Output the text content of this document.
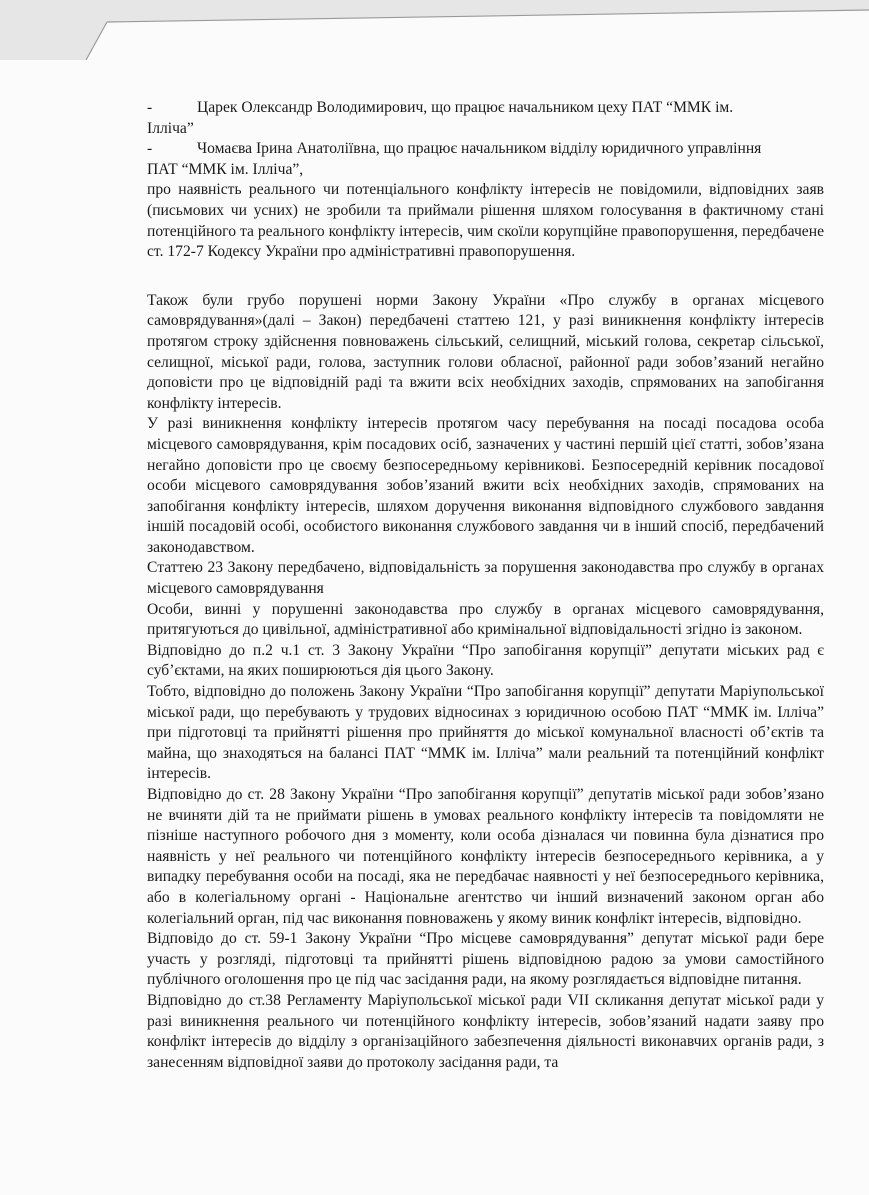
-	Царек Олександр Володимирович, що працює начальником цеху ПАТ “ММК ім.

Ілліча”

-	Чомаєва Ірина Анатоліївна, що працює начальником відділу юридичного управління

ПАТ “ММК ім. Ілліча”,

про наявність реального чи потенціального конфлікту інтересів не повідомили, відповідних заяв (письмових чи усних) не зробили та приймали рішення шляхом голосування в фактичному стані потенційного та реального конфлікту інтересів, чим скоїли корупційне правопорушення, передбачене ст. 172-7 Кодексу України про адміністративні правопорушення.

Також були грубо порушені норми Закону України «Про службу в органах місцевого самоврядування»(далі – Закон) передбачені статтею 121, у разі виникнення конфлікту інтересів протягом строку здійснення повноважень сільський, селищний, міський голова, секретар сільської, селищної, міської ради, голова, заступник голови обласної, районної ради зобов’язаний негайно доповісти про це відповідній раді та вжити всіх необхідних заходів, спрямованих на запобігання конфлікту інтересів.

У разі виникнення конфлікту інтересів протягом часу перебування на посаді посадова особа місцевого самоврядування, крім посадових осіб, зазначених у частині першій цієї статті, зобов’язана негайно доповісти про це своєму безпосередньому керівникові. Безпосередній керівник посадової особи місцевого самоврядування зобов’язаний вжити всіх необхідних заходів, спрямованих на запобігання конфлікту інтересів, шляхом доручення виконання відповідного службового завдання іншій посадовій особі, особистого виконання службового завдання чи в інший спосіб, передбачений законодавством.

Статтею 23 Закону передбачено, відповідальність за порушення законодавства про службу в органах місцевого самоврядування

Особи, винні у порушенні законодавства про службу в органах місцевого самоврядування, притягуються до цивільної, адміністративної або кримінальної відповідальності згідно із законом.

Відповідно до п.2 ч.1 ст. 3 Закону України “Про запобігання корупції” депутати міських рад є суб’єктами, на яких поширюються дія цього Закону.

Тобто, відповідно до положень Закону України “Про запобігання корупції” депутати Маріупольської міської ради, що перебувають у трудових відносинах з юридичною особою ПАТ “ММК ім. Ілліча” при підготовці та прийнятті рішення про прийняття до міської комунальної власності об’єктів та майна, що знаходяться на балансі ПАТ “ММК ім. Ілліча” мали реальний та потенційний конфлікт інтересів.

Відповідно до ст. 28 Закону України “Про запобігання корупції” депутатів міської ради зобов’язано не вчиняти дій та не приймати рішень в умовах реального конфлікту інтересів та повідомляти не пізніше наступного робочого дня з моменту, коли особа дізналася чи повинна була дізнатися про наявність у неї реального чи потенційного конфлікту інтересів безпосереднього керівника, а у випадку перебування особи на посаді, яка не передбачає наявності у неї безпосереднього керівника, або в колегіальному органі - Національне агентство чи інший визначений законом орган або колегіальний орган, під час виконання повноважень у якому виник конфлікт інтересів, відповідно.

Відповідо до ст. 59-1 Закону України “Про місцеве самоврядування” депутат міської ради бере участь у розгляді, підготовці та прийнятті рішень відповідною радою за умови самостійного публічного оголошення про це під час засідання ради, на якому розглядається відповідне питання.

Відповідно до ст.38 Регламенту Маріупольської міської ради VII скликання депутат міської ради у разі виникнення реального чи потенційного конфлікту інтересів, зобов’язаний надати заяву про конфлікт інтересів до відділу з організаційного забезпечення діяльності виконавчих органів ради, з занесенням відповідної заяви до протоколу засідання ради, та
